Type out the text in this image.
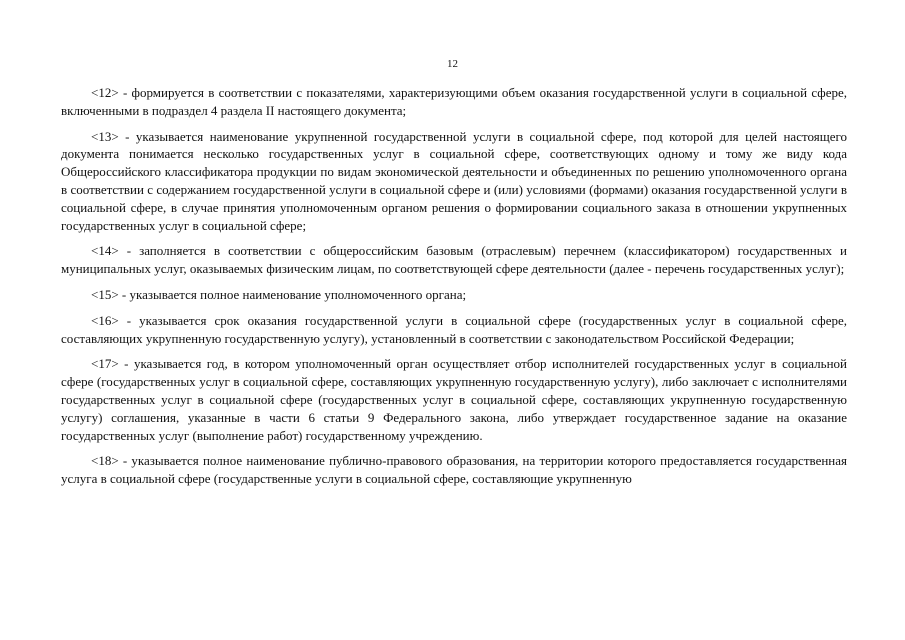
12

<12> - формируется в соответствии с показателями, характеризующими объем оказания государственной услуги в социальной сфере, включенными в подраздел 4 раздела II настоящего документа;

<13> - указывается наименование укрупненной государственной услуги в социальной сфере, под которой для целей настоящего документа понимается несколько государственных услуг в социальной сфере, соответствующих одному и тому же виду кода Общероссийского классификатора продукции по видам экономической деятельности и объединенных по решению уполномоченного органа в соответствии с содержанием государственной услуги в социальной сфере и (или) условиями (формами) оказания государственной услуги в социальной сфере, в случае принятия уполномоченным органом решения о формировании социального заказа в отношении укрупненных государственных услуг в социальной сфере;

<14> - заполняется в соответствии с общероссийским базовым (отраслевым) перечнем (классификатором) государственных и муниципальных услуг, оказываемых физическим лицам, по соответствующей сфере деятельности (далее - перечень государственных услуг);

<15> - указывается полное наименование уполномоченного органа;

<16> - указывается срок оказания государственной услуги в социальной сфере (государственных услуг в социальной сфере, составляющих укрупненную государственную услугу), установленный в соответствии с законодательством Российской Федерации;

<17> - указывается год, в котором уполномоченный орган осуществляет отбор исполнителей государственных услуг в социальной сфере (государственных услуг в социальной сфере, составляющих укрупненную государственную услугу), либо заключает с исполнителями государственных услуг в социальной сфере (государственных услуг в социальной сфере, составляющих укрупненную государственную услугу) соглашения, указанные в части 6 статьи 9 Федерального закона, либо утверждает государственное задание на оказание государственных услуг (выполнение работ) государственному учреждению.

<18> - указывается полное наименование публично-правового образования, на территории которого предоставляется государственная услуга в социальной сфере (государственные услуги в социальной сфере, составляющие укрупненную
